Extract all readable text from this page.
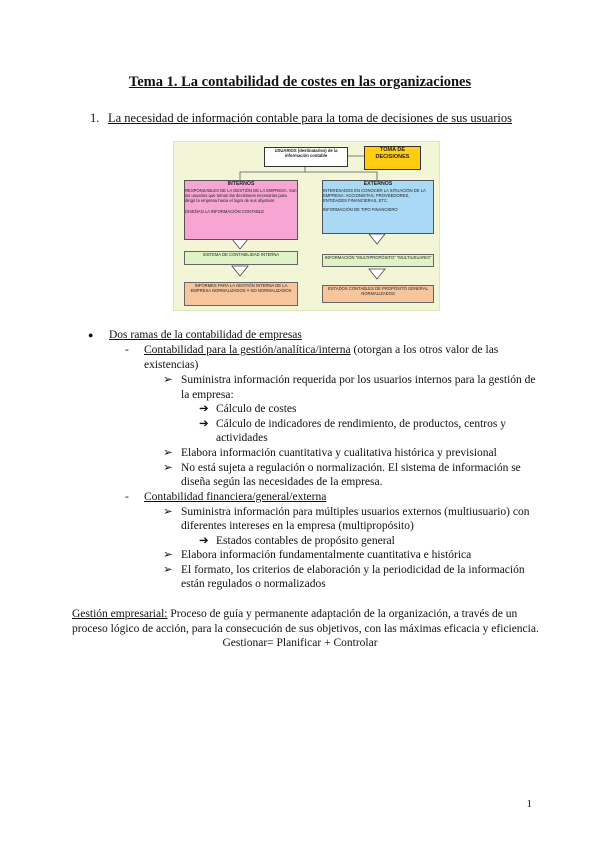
Tema 1. La contabilidad de costes en las organizaciones
1. La necesidad de información contable para la toma de decisiones de sus usuarios
USUARIOS (destinatarios) de la información contable
TOMA DE DECISIONES
INTERNOS
RESPONSABLES DE LA GESTIÓN DE LA EMPRESA. Son los usuarios que toman las decisiones necesarias para dirigir la empresa hacia el logro de sus objetivos
DISEÑAN LA INFORMACIÓN CONTABLE
EXTERNOS
INTERESADOS EN CONOCER LA SITUACIÓN DE LA EMPRESA: ACCIONISTAS, PROVEEDORES, ENTIDADES FINANCIERAS, ETC.
INFORMACIÓN DE TIPO FINANCIERO
SISTEMA DE CONTABILIDAD INTERNA
INFORMACIÓN "MULTIPROPÓSITO" "MULTIUSUARIO"
INFORMES PARA LA GESTIÓN INTERNA DE LA EMPRESA NORMALIZADOS Y NO NORMALIZADOS	ESTADOS CONTABLES DE PROPÓSITO GENERAL NORMALIZADOS
● Dos ramas de la contabilidad de empresas
- Contabilidad para la gestión/analítica/interna (otorgan a los otros valor de las
existencias)
➢ Suministra información requerida por los usuarios internos para la gestión de
la empresa:
➔ Cálculo de costes
➔ Cálculo de indicadores de rendimiento, de productos, centros y
actividades
➢ Elabora información cuantitativa y cualitativa histórica y previsional
➢ No está sujeta a regulación o normalización. El sistema de información se
diseña según las necesidades de la empresa.
- Contabilidad financiera/general/externa
➢ Suministra información para múltiples usuarios externos (multiusuario) con
diferentes intereses en la empresa (multipropósito)
➔ Estados contables de propósito general
➢ Elabora información fundamentalmente cuantitativa e histórica
➢ El formato, los criterios de elaboración y la periodicidad de la información
están regulados o normalizados
Gestión empresarial: Proceso de guía y permanente adaptación de la organización, a través de un
proceso lógico de acción, para la consecución de sus objetivos, con las máximas eficacia y eficiencia.
Gestionar= Planificar + Controlar
1
